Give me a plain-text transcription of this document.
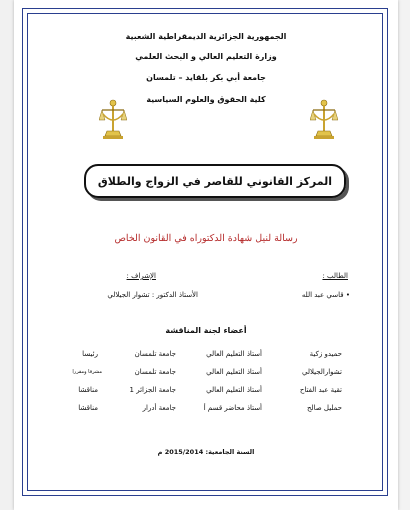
الجمهورية الجزائرية الديمقراطية الشعبية
وزارة التعليم العالي و البحث العلمي
جامعة أبي بكر بلقايد – تلمسان
كلية الحقوق والعلوم السياسية
المركز القانوني للقاصر في الزواج والطلاق
رسالة لنيل شهادة الدكتوراه في القانون الخاص
الطالب :
الإشراف :
• قاسي عبد الله
الأستاذ الدكتور : تشوار الجيلالي
أعضاء لجنة المناقشة
حميدو زكية
أستاذ التعليم العالي
جامعة تلمسان
رئيسا
تشوارالجيلالي
أستاذ التعليم العالي
جامعة تلمسان
مشرفا ومقررا
تقية عبد الفتاح
أستاذ التعليم العالي
جامعة الجزائر 1
مناقشا
حمليل صالح
أستاذ محاضر قسم أ
جامعة أدرار
مناقشا
السنة الجامعية: 2015/2014 م
